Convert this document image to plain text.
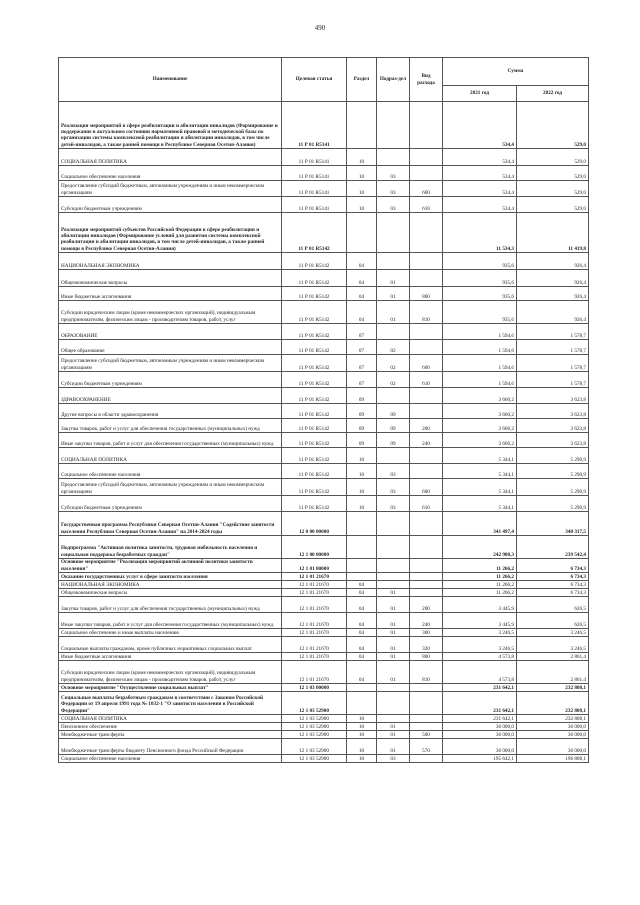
490
Наименование	Целевая статья	Раздел	Подраз-дел	Вид расхода	Сумма	
					2021 год	2022 год
Реализация мероприятий в сфере реабилитации и абилитации инвалидов (Формирование и поддержание в актуальном состоянии нормативной правовой и методической базы по организации системы комплексной реабилитации и абилитации инвалидов, в том числе детей-инвалидов, а также ранней помощи в Республике Северная Осетия-Алания)	11 Р 01 R5141				534,4	529,0
СОЦИАЛЬНАЯ ПОЛИТИКА	11 Р 01 R5141	10			534,4	529,0
Социальное обеспечение населения	11 Р 01 R5141	10	03		534,4	529,0
Предоставление субсидий бюджетным, автономным учреждениям и иным некоммерческим организациям	11 Р 01 R5141	10	03	600	534,4	529,0
Субсидии бюджетным учреждениям	11 Р 01 R5141	10	03	610	534,4	529,0
Реализация мероприятий субъектов Российской Федерации в сфере реабилитации и абилитации инвалидов (Формирование условий для развития системы комплексной реабилитации и абилитации инвалидов, в том числе детей-инвалидов, а также ранней помощи в Республике Северная Осетия-Алания)	11 Р 01 R5142				11 534,3	11 419,8
НАЦИОНАЛЬНАЯ ЭКОНОМИКА	11 Р 01 R5142	04			935,6	926,4
Общеэкономические вопросы	11 Р 01 R5142	04	01		935,6	926,4
Иные бюджетные ассигнования	11 Р 01 R5142	04	01	800	935,6	926,4
Субсидии юридическим лицам (кроме некоммерческих организаций), индивидуальным предпринимателям, физическим лицам - производителям товаров, работ, услуг	11 Р 01 R5142	04	01	810	935,6	926,4
ОБРАЗОВАНИЕ	11 Р 01 R5142	07			1 594,6	1 578,7
Общее образование	11 Р 01 R5142	07	02		1 594,6	1 578,7
Предоставление субсидий бюджетным, автономным учреждениям и иным некоммерческим организациям	11 Р 01 R5142	07	02	600	1 594,6	1 578,7
Субсидии бюджетным учреждениям	11 Р 01 R5142	07	02	610	1 594,6	1 578,7
ЗДРАВООХРАНЕНИЕ	11 Р 01 R5142	09			3 660,2	3 623,8
Другие вопросы в области здравоохранения	11 Р 01 R5142	09	09		3 660,2	3 623,8
Закупка товаров, работ и услуг для обеспечения государственных (муниципальных) нужд	11 Р 01 R5142	09	09	200	3 660,2	3 623,8
Иные закупки товаров, работ и услуг для обеспечения государственных (муниципальных) нужд	11 Р 01 R5142	09	09	240	3 660,2	3 623,8
СОЦИАЛЬНАЯ ПОЛИТИКА	11 Р 01 R5142	10			5 344,1	5 290,9
Социальное обеспечение населения	11 Р 01 R5142	10	03		5 344,1	5 290,9
Предоставление субсидий бюджетным, автономным учреждениям и иным некоммерческим организациям	11 Р 01 R5142	10	03	600	5 344,1	5 290,9
Субсидии бюджетным учреждениям	11 Р 01 R5142	10	03	610	5 344,1	5 290,9
Государственная программа Республики Северная Осетия-Алания "Содействие занятости населения Республики Северная Осетия-Алания" на 2014-2024 годы	12 0 00 00000				341 497,4	340 317,5
Подпрограмма "Активная политика занятости, трудовая мобильность населения и социальная поддержка безработных граждан"	12 1 00 00000				242 908,3	239 542,4
Основное мероприятие "Реализация мероприятий активной политики занятости населения"	12 1 01 00000				11 266,2	6 734,3
Оказание государственных услуг в сфере занятости населения	12 1 01 21670				11 266,2	6 734,3
НАЦИОНАЛЬНАЯ ЭКОНОМИКА	12 1 01 21670	04			11 266,2	6 734,3
Общеэкономические вопросы	12 1 01 21670	04	01		11 266,2	6 734,3
Закупка товаров, работ и услуг для обеспечения государственных (муниципальных) нужд	12 1 01 21670	04	01	200	3 445,9	626,5
Иные закупки товаров, работ и услуг для обеспечения государственных (муниципальных) нужд	12 1 01 21670	04	01	240	3 445,9	626,5
Социальное обеспечение и иные выплаты населению	12 1 01 21670	04	01	300	3 246,5	3 246,5
Социальные выплаты гражданам, кроме публичных нормативных социальных выплат	12 1 01 21670	04	01	320	3 246,5	3 246,5
Иные бюджетные ассигнования	12 1 01 21670	04	01	800	4 573,8	2 861,4
Субсидии юридическим лицам (кроме некоммерческих организаций), индивидуальным предпринимателям, физическим лицам - производителям товаров, работ, услуг	12 1 01 21670	04	01	810	4 573,8	2 861,4
Основное мероприятие "Осуществление социальных выплат"	12 1 03 00000				231 642,1	232 808,1
Социальные выплаты безработным гражданам в соответствии с Законом Российской Федерации от 19 апреля 1991 года № 1032-1 "О занятости населения в Российской Федерации"	12 1 03 52900				231 642,1	232 808,1
СОЦИАЛЬНАЯ ПОЛИТИКА	12 1 03 52900	10			231 642,1	232 808,1
Пенсионное обеспечение	12 1 03 52900	10	01		36 000,0	36 000,0
Межбюджетные трансферты	12 1 03 52900	10	01	500	36 000,0	36 000,0
Межбюджетные трансферты бюджету Пенсионного фонда Российской Федерации	12 1 03 52900	10	01	570	36 000,0	36 000,0
Социальное обеспечение населения	12 1 03 52900	10	03		195 642,1	196 808,1
